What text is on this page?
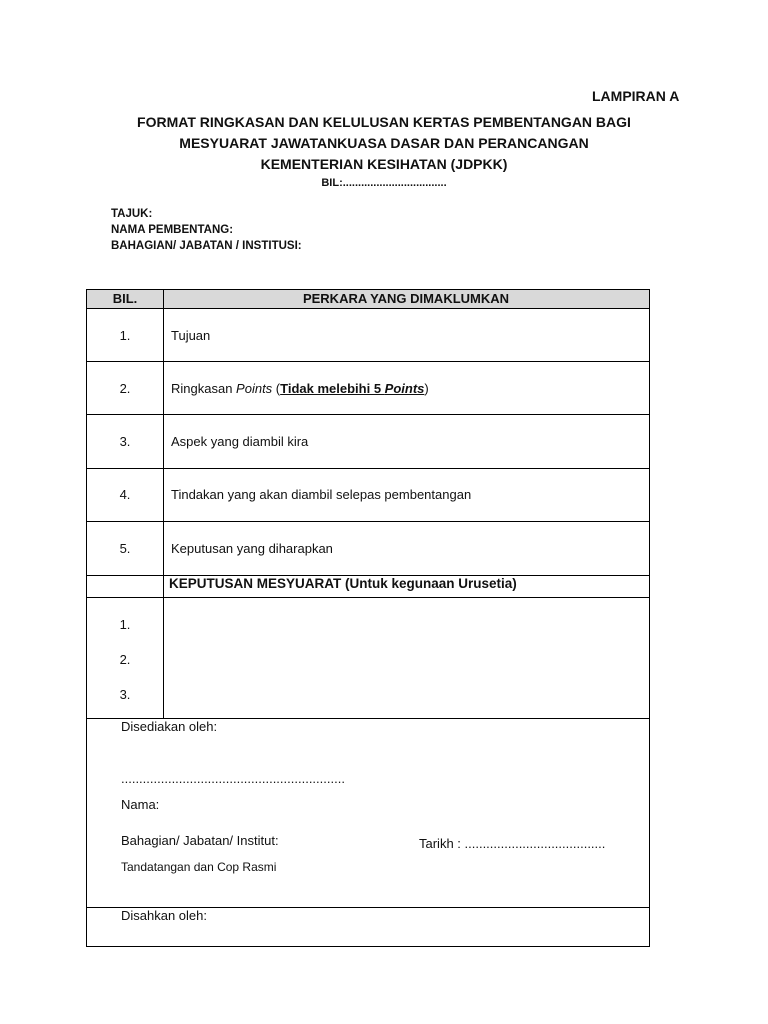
LAMPIRAN A
FORMAT RINGKASAN DAN KELULUSAN KERTAS PEMBENTANGAN BAGI
MESYUARAT JAWATANKUASA DASAR DAN PERANCANGAN
KEMENTERIAN KESIHATAN (JDPKK)
BIL:..................................
TAJUK:
NAMA PEMBENTANG:
BAHAGIAN/ JABATAN / INSTITUSI:
BIL.	PERKARA YANG DIMAKLUMKAN
1.	Tujuan
2.	Ringkasan Points (Tidak melebihi 5 Points)
3.	Aspek yang diambil kira
4.	Tindakan yang akan diambil selepas pembentangan
5.	Keputusan yang diharapkan
KEPUTUSAN MESYUARAT (Untuk kegunaan Urusetia)
1.
2.
3.
Disediakan oleh:
..............................................................
Nama:
Bahagian/ Jabatan/ Institut:	Tarikh : .......................................
Tandatangan dan Cop Rasmi
Disahkan oleh:
